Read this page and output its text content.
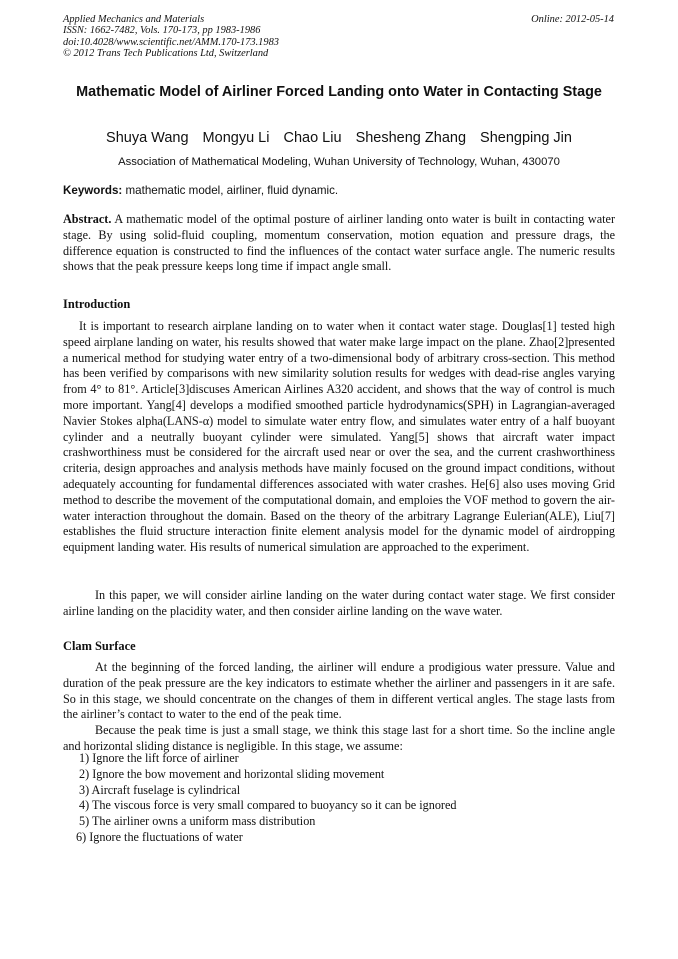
Applied Mechanics and Materials
ISSN: 1662-7482, Vols. 170-173, pp 1983-1986
doi:10.4028/www.scientific.net/AMM.170-173.1983
© 2012 Trans Tech Publications Ltd, Switzerland
Online: 2012-05-14
Mathematic Model of Airliner Forced Landing onto Water in Contacting Stage
Shuya Wang Mongyu Li Chao Liu Shesheng Zhang Shengping Jin
Association of Mathematical Modeling, Wuhan University of Technology, Wuhan, 430070
Keywords: mathematic model, airliner, fluid dynamic.

Abstract. A mathematic model of the optimal posture of airliner landing onto water is built in contacting water stage. By using solid-fluid coupling, momentum conservation, motion equation and pressure drags, the difference equation is constructed to find the influences of the contact water surface angle. The numeric results shows that the peak pressure keeps long time if impact angle small.

Introduction

It is important to research airplane landing on to water when it contact water stage. Douglas[1] tested high speed airplane landing on water, his results showed that water make large impact on the plane. Zhao[2]presented a numerical method for studying water entry of a two-dimensional body of arbitrary cross-section. This method has been verified by comparisons with new similarity solution results for wedges with dead-rise angles varying from 4° to 81°. Article[3]discuses American Airlines A320 accident, and shows that the way of control is much more important. Yang[4] develops a modified smoothed particle hydrodynamics(SPH) in Lagrangian-averaged Navier Stokes alpha(LANS-α) model to simulate water entry flow, and simulates water entry of a half buoyant cylinder and a neutrally buoyant cylinder were simulated. Yang[5] shows that aircraft water impact crashworthiness must be considered for the aircraft used near or over the sea, and the current crashworthiness criteria, design approaches and analysis methods have mainly focused on the ground impact conditions, without adequately accounting for fundamental differences associated with water crashes. He[6] also uses moving Grid method to describe the movement of the computational domain, and emploies the VOF method to govern the air-water interaction throughout the domain. Based on the theory of the arbitrary Lagrange Eulerian(ALE), Liu[7] establishes the fluid structure interaction finite element analysis model for the dynamic model of airdropping equipment landing water. His results of numerical simulation are approached to the experiment.

In this paper, we will consider airline landing on the water during contact water stage. We first consider airline landing on the placidity water, and then consider airline landing on the wave water.

Clam Surface

At the beginning of the forced landing, the airliner will endure a prodigious water pressure. Value and duration of the peak pressure are the key indicators to estimate whether the airliner and passengers in it are safe. So in this stage, we should concentrate on the changes of them in different vertical angles. The stage lasts from the airliner’s contact to water to the end of the peak time.

Because the peak time is just a small stage, we think this stage last for a short time. So the incline angle and horizontal sliding distance is negligible. In this stage, we assume:

1) Ignore the lift force of airliner
2) Ignore the bow movement and horizontal sliding movement
3) Aircraft fuselage is cylindrical
4) The viscous force is very small compared to buoyancy so it can be ignored
5) The airliner owns a uniform mass distribution
6) Ignore the fluctuations of water
